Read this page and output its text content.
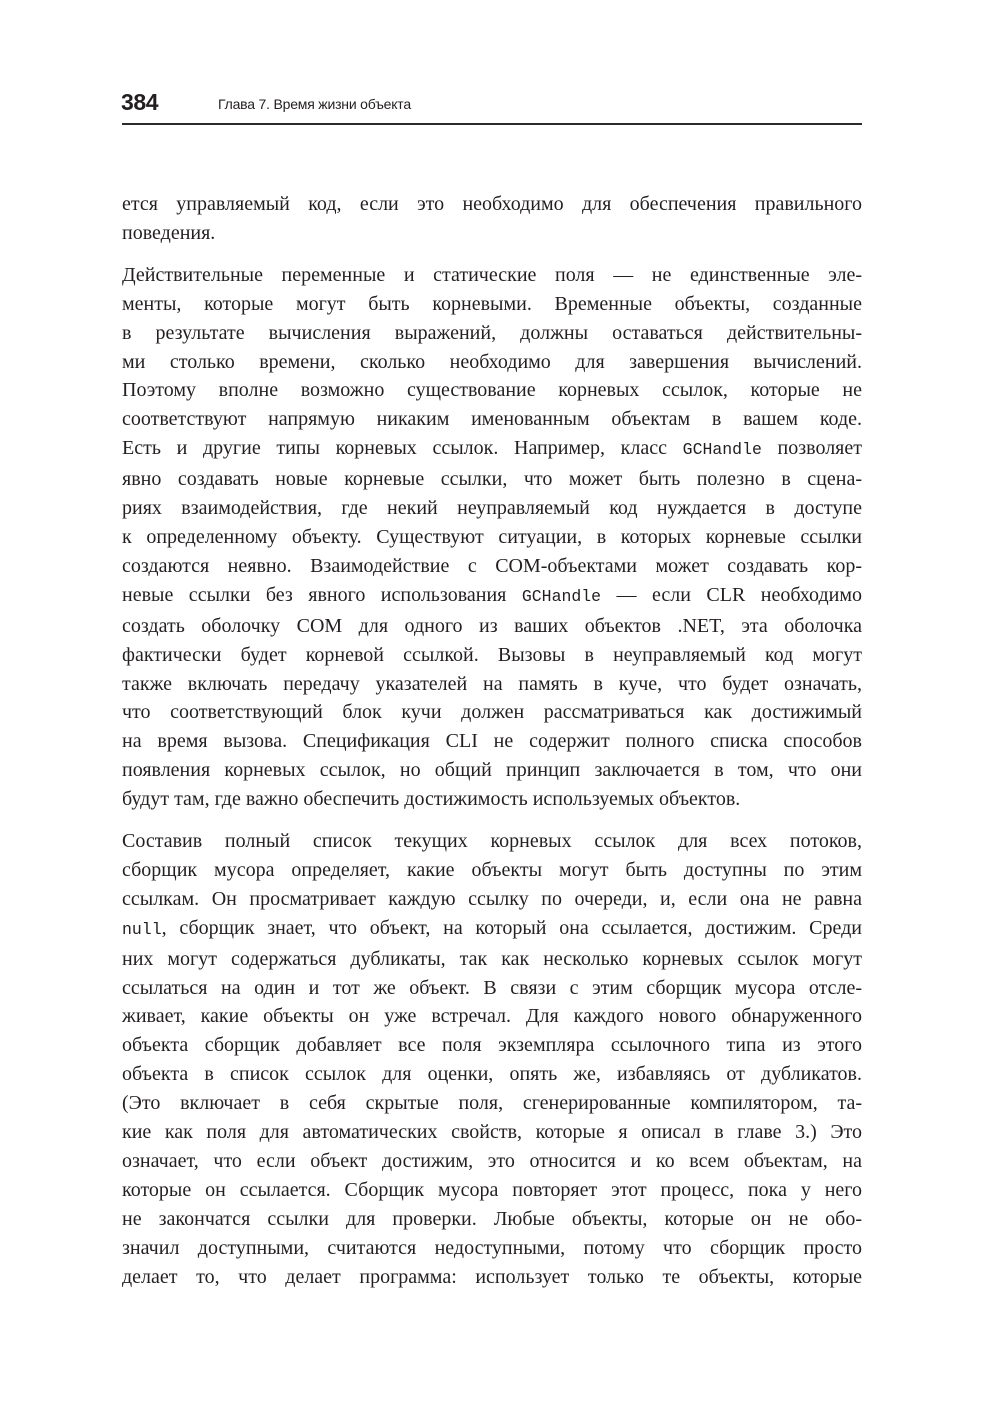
384	Глава 7. Время жизни объекта
ется управляемый код, если это необходимо для обеспечения правильного
поведения.
Действительные переменные и статические поля — не единственные эле-
менты, которые могут быть корневыми. Временные объекты, созданные
в результате вычисления выражений, должны оставаться действительны-
ми столько времени, сколько необходимо для завершения вычислений.
Поэтому вполне возможно существование корневых ссылок, которые не
соответствуют напрямую никаким именованным объектам в вашем коде.
Есть и другие типы корневых ссылок. Например, класс GCHandle позволяет
явно создавать новые корневые ссылки, что может быть полезно в сцена-
риях взаимодействия, где некий неуправляемый код нуждается в доступе
к определенному объекту. Существуют ситуации, в которых корневые ссылки
создаются неявно. Взаимодействие с COM-объектами может создавать кор-
невые ссылки без явного использования GCHandle — если CLR необходимо
создать оболочку COM для одного из ваших объектов .NET, эта оболочка
фактически будет корневой ссылкой. Вызовы в неуправляемый код могут
также включать передачу указателей на память в куче, что будет означать,
что соответствующий блок кучи должен рассматриваться как достижимый
на время вызова. Спецификация CLI не содержит полного списка способов
появления корневых ссылок, но общий принцип заключается в том, что они
будут там, где важно обеспечить достижимость используемых объектов.
Составив полный список текущих корневых ссылок для всех потоков,
сборщик мусора определяет, какие объекты могут быть доступны по этим
ссылкам. Он просматривает каждую ссылку по очереди, и, если она не равна
null, сборщик знает, что объект, на который она ссылается, достижим. Среди
них могут содержаться дубликаты, так как несколько корневых ссылок могут
ссылаться на один и тот же объект. В связи с этим сборщик мусора отсле-
живает, какие объекты он уже встречал. Для каждого нового обнаруженного
объекта сборщик добавляет все поля экземпляра ссылочного типа из этого
объекта в список ссылок для оценки, опять же, избавляясь от дубликатов.
(Это включает в себя скрытые поля, сгенерированные компилятором, та-
кие как поля для автоматических свойств, которые я описал в главе 3.) Это
означает, что если объект достижим, это относится и ко всем объектам, на
которые он ссылается. Сборщик мусора повторяет этот процесс, пока у него
не закончатся ссылки для проверки. Любые объекты, которые он не обо-
значил доступными, считаются недоступными, потому что сборщик просто
делает то, что делает программа: использует только те объекты, которые
